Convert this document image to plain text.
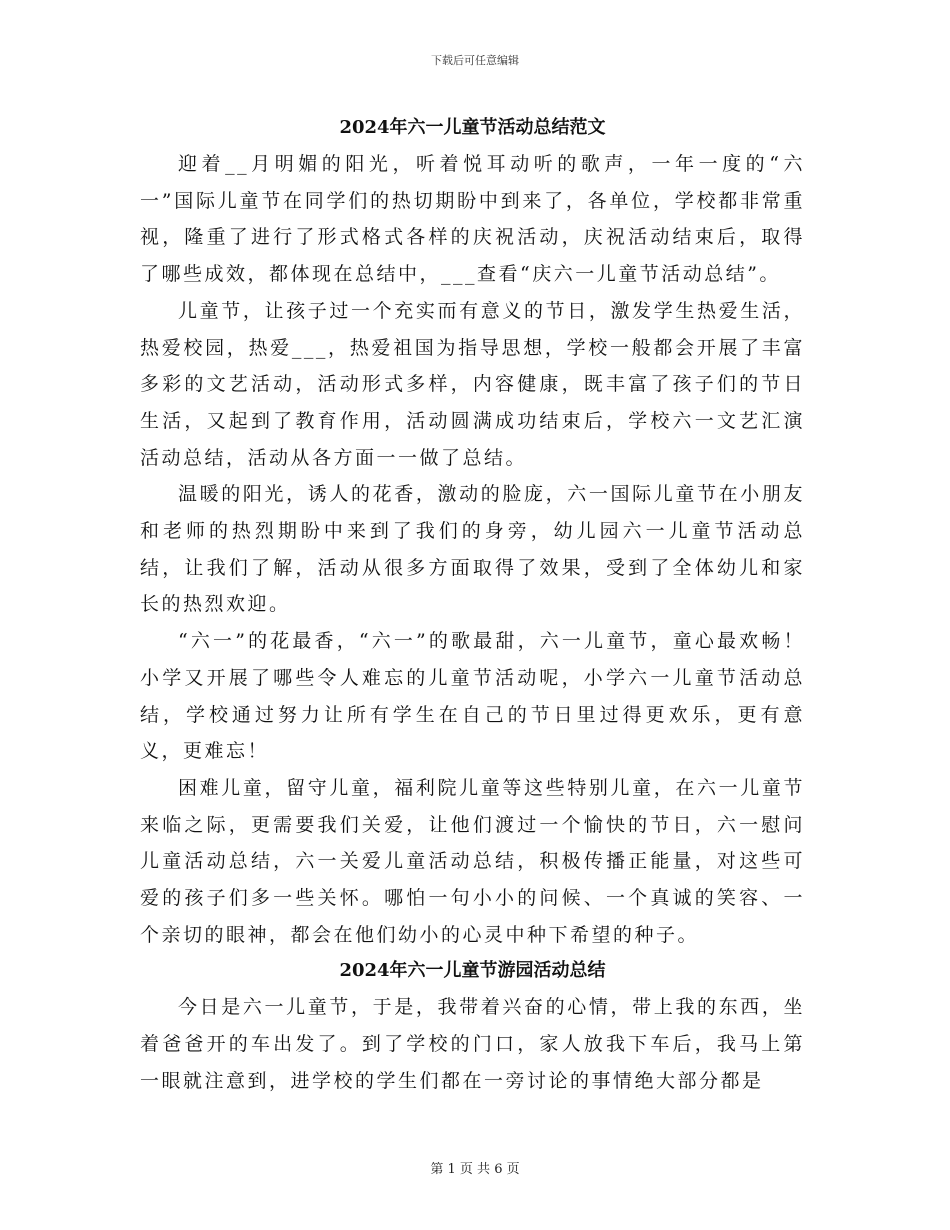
下载后可任意编辑
2024年六一儿童节活动总结范文

迎着__月明媚的阳光，听着悦耳动听的歌声，一年一度的“六一”国际儿童节在同学们的热切期盼中到来了，各单位，学校都非常重视，隆重了进行了形式格式各样的庆祝活动，庆祝活动结束后，取得了哪些成效，都体现在总结中，___查看“庆六一儿童节活动总结”。

儿童节，让孩子过一个充实而有意义的节日，激发学生热爱生活，热爱校园，热爱___，热爱祖国为指导思想，学校一般都会开展了丰富多彩的文艺活动，活动形式多样，内容健康，既丰富了孩子们的节日生活，又起到了教育作用，活动圆满成功结束后，学校六一文艺汇演活动总结，活动从各方面一一做了总结。

温暖的阳光，诱人的花香，激动的脸庞，六一国际儿童节在小朋友和老师的热烈期盼中来到了我们的身旁，幼儿园六一儿童节活动总结，让我们了解，活动从很多方面取得了效果，受到了全体幼儿和家长的热烈欢迎。

“六一”的花最香，“六一”的歌最甜，六一儿童节，童心最欢畅！小学又开展了哪些令人难忘的儿童节活动呢，小学六一儿童节活动总结，学校通过努力让所有学生在自己的节日里过得更欢乐，更有意义，更难忘！

困难儿童，留守儿童，福利院儿童等这些特别儿童，在六一儿童节来临之际，更需要我们关爱，让他们渡过一个愉快的节日，六一慰问儿童活动总结，六一关爱儿童活动总结，积极传播正能量，对这些可爱的孩子们多一些关怀。哪怕一句小小的问候、一个真诚的笑容、一个亲切的眼神，都会在他们幼小的心灵中种下希望的种子。

2024年六一儿童节游园活动总结

今日是六一儿童节，于是，我带着兴奋的心情，带上我的东西，坐着爸爸开的车出发了。到了学校的门口，家人放我下车后，我马上第一眼就注意到，进学校的学生们都在一旁讨论的事情绝大部分都是

第 1 页 共 6 页
